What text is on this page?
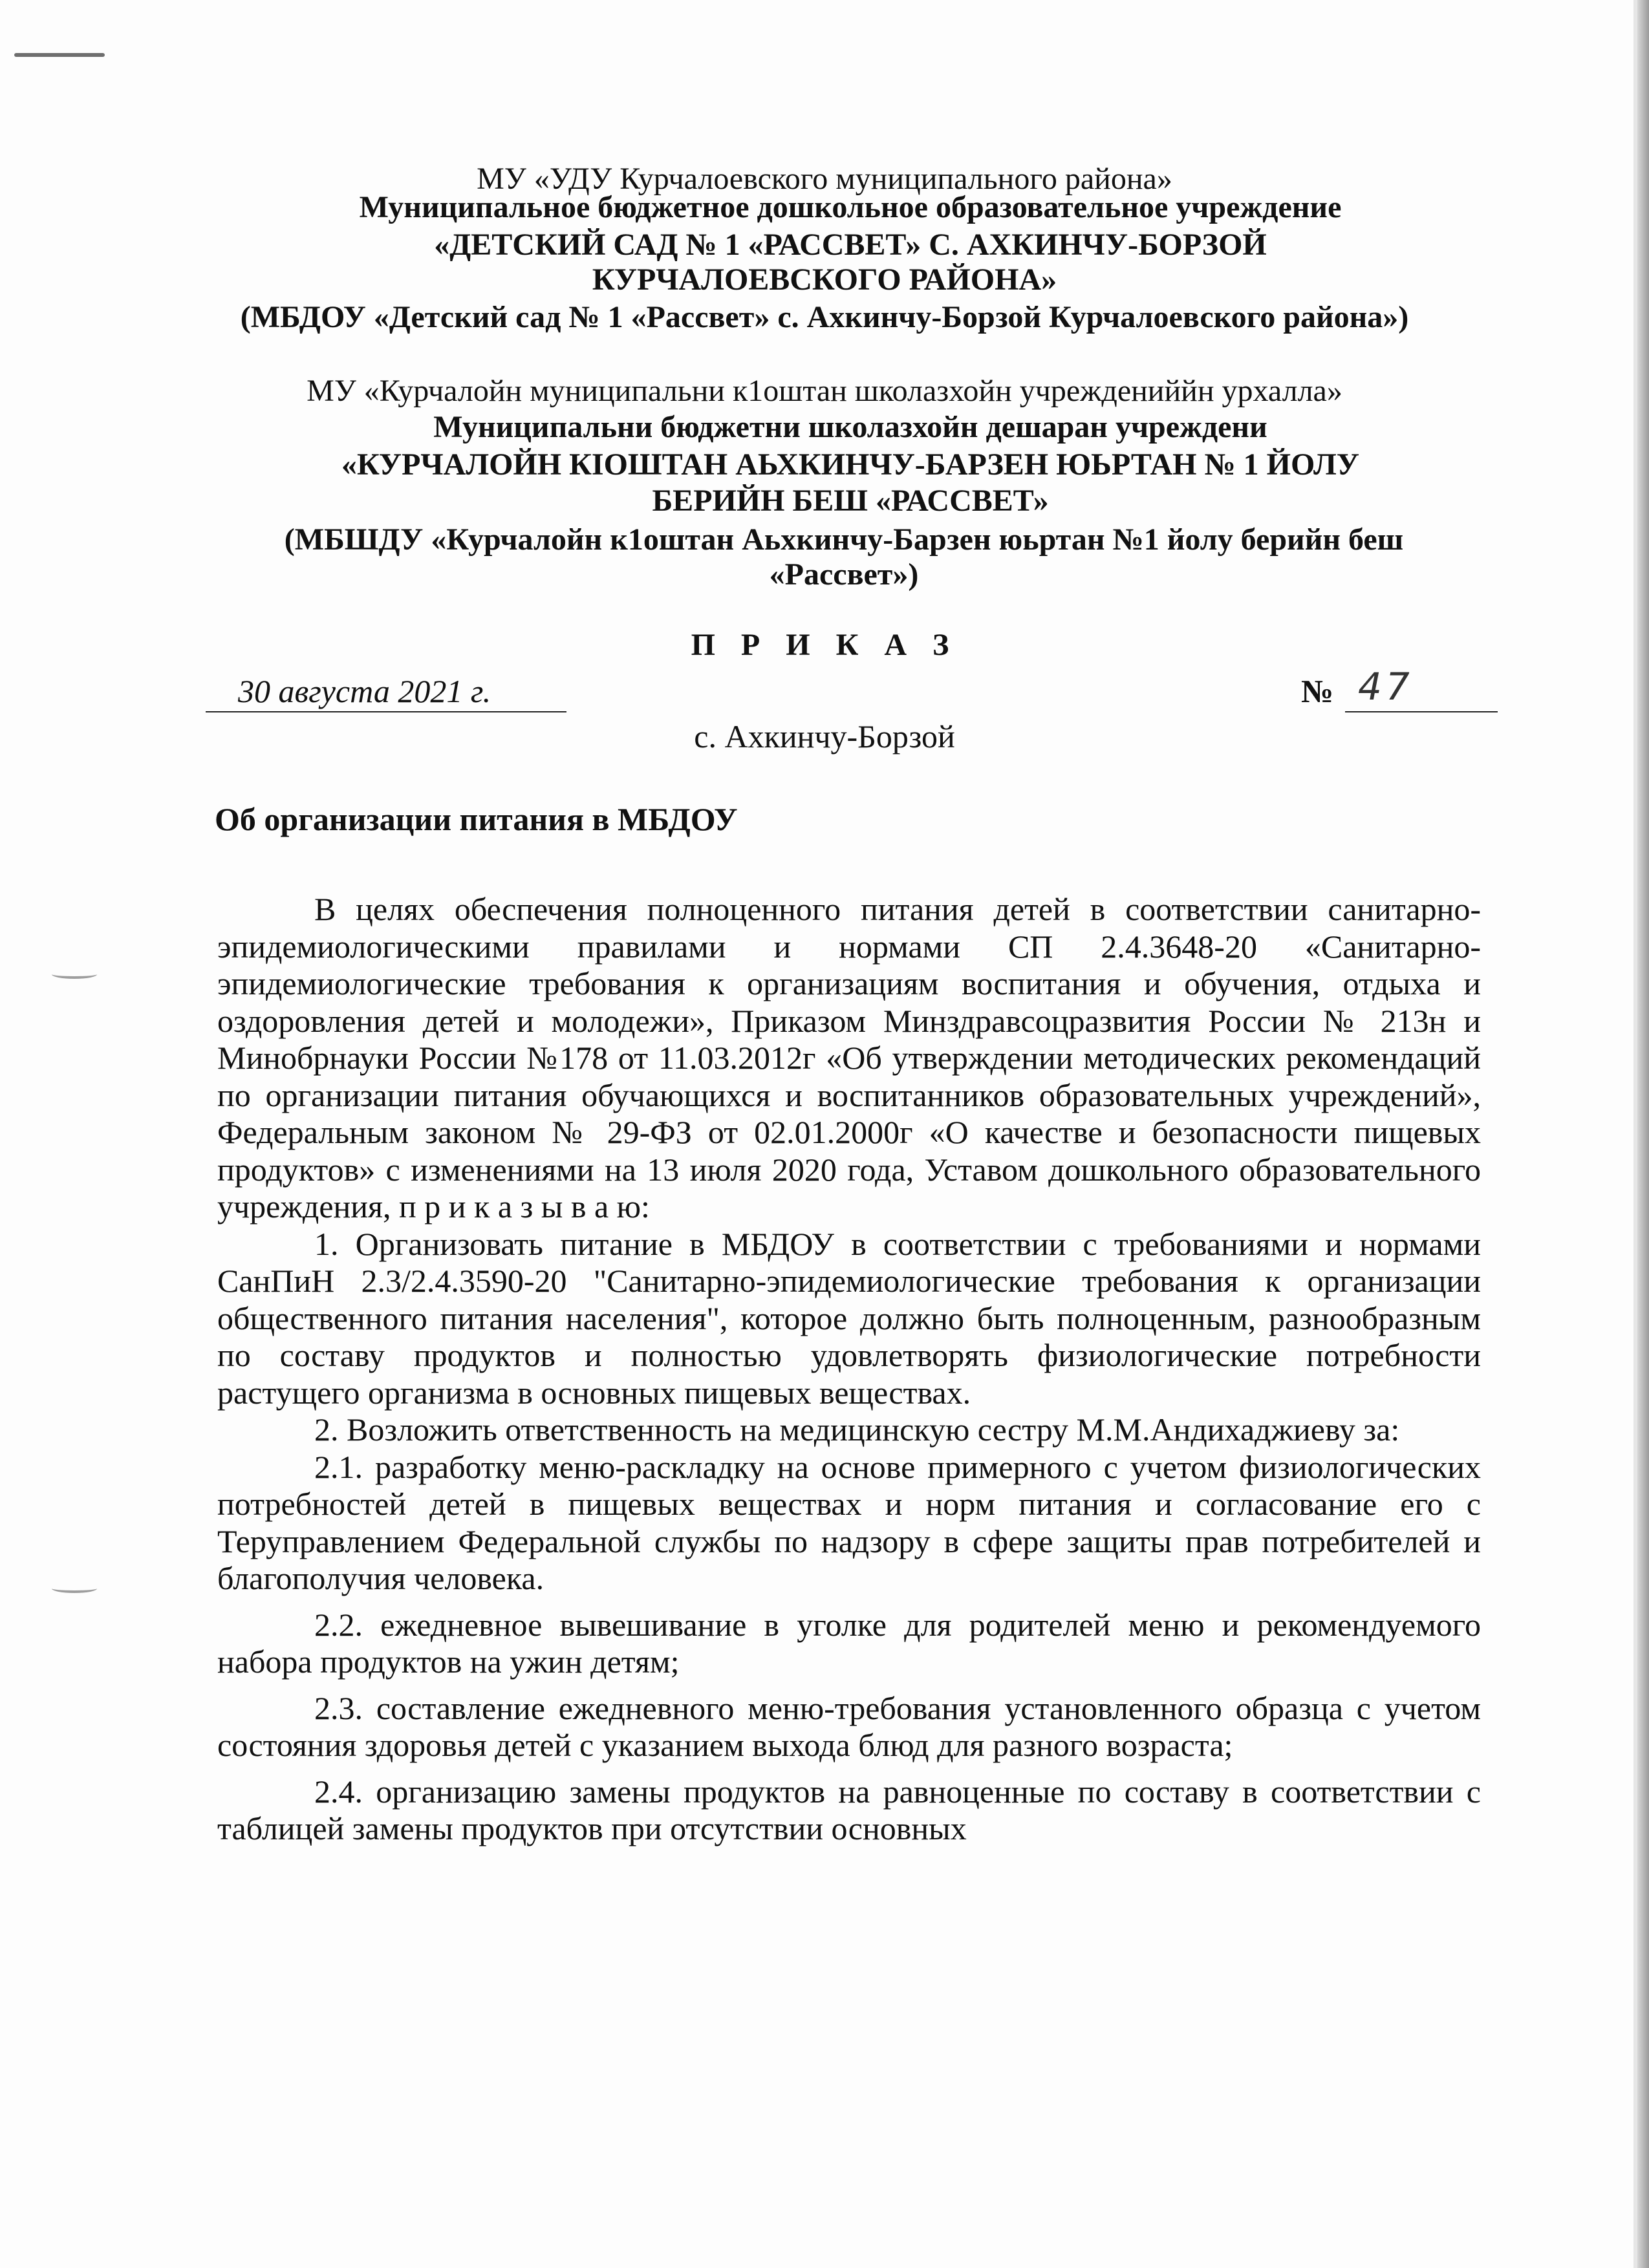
МУ «УДУ Курчалоевского муниципального района»
Муниципальное бюджетное дошкольное образовательное учреждение
«ДЕТСКИЙ САД № 1 «РАССВЕТ» С. АХКИНЧУ-БОРЗОЙ
КУРЧАЛОЕВСКОГО РАЙОНА»
(МБДОУ «Детский сад № 1 «Рассвет» с. Ахкинчу-Борзой Курчалоевского района»)
МУ «Курчалойн муниципальни к1оштан школазхойн учреждениййн урхалла»
Муниципальни бюджетни школазхойн дешаран учреждени
«КУРЧАЛОЙН КIОШТАН АЬХКИНЧУ-БАРЗЕН ЮЬРТАН № 1 ЙОЛУ
БЕРИЙН БЕШ «РАССВЕТ»
(МБШДУ «Курчалойн к1оштан Аьхкинчу-Барзен юьртан №1 йолу берийн беш
«Рассвет»)
П Р И К А З
30 августа 2021 г.	№ 47
с. Ахкинчу-Борзой
Об организации питания в МБДОУ

В целях обеспечения полноценного питания детей в соответствии санитарно-эпидемиологическими правилами и нормами СП 2.4.3648-20 «Санитарно-эпидемиологические требования к организациям воспитания и обучения, отдыха и оздоровления детей и молодежи», Приказом Минздравсоцразвития России № 213н и Минобрнауки России №178 от 11.03.2012г «Об утверждении методических рекомендаций по организации питания обучающихся и воспитанников образовательных учреждений», Федеральным законом № 29-ФЗ от 02.01.2000г «О качестве и безопасности пищевых продуктов» с изменениями на 13 июля 2020 года, Уставом дошкольного образовательного учреждения, п р и к а з ы в а ю:

1. Организовать питание в МБДОУ в соответствии с требованиями и нормами СанПиН 2.3/2.4.3590-20 "Санитарно-эпидемиологические требования к организации общественного питания населения", которое должно быть полноценным, разнообразным по составу продуктов и полностью удовлетворять физиологические потребности растущего организма в основных пищевых веществах.

2. Возложить ответственность на медицинскую сестру М.М.Андихаджиеву за:

2.1. разработку меню-раскладку на основе примерного с учетом физиологических потребностей детей в пищевых веществах и норм питания и согласование его с Теруправлением Федеральной службы по надзору в сфере защиты прав потребителей и благополучия человека.

2.2. ежедневное вывешивание в уголке для родителей меню и рекомендуемого набора продуктов на ужин детям;

2.3. составление ежедневного меню-требования установленного образца с учетом состояния здоровья детей с указанием выхода блюд для разного возраста;

2.4. организацию замены продуктов на равноценные по составу в соответствии с таблицей замены продуктов при отсутствии основных
